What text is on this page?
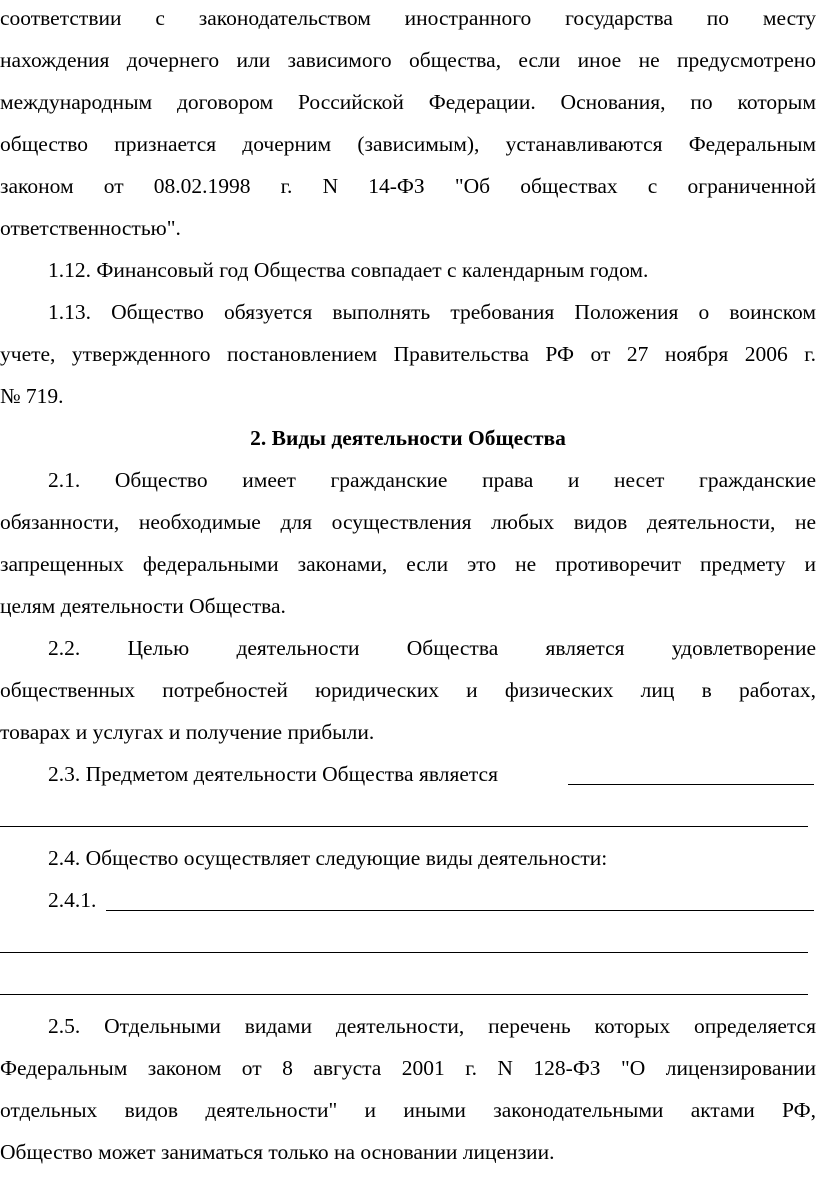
соответствии с законодательством иностранного государства по месту
нахождения дочернего или зависимого общества, если иное не предусмотрено
международным договором Российской Федерации. Основания, по которым
общество признается дочерним (зависимым), устанавливаются Федеральным
законом от 08.02.1998 г. N 14-ФЗ "Об обществах с ограниченной
ответственностью".
1.12. Финансовый год Общества совпадает с календарным годом.
1.13. Общество обязуется выполнять требования Положения о воинском
учете, утвержденного постановлением Правительства РФ от 27 ноября 2006 г.
№ 719.
2. Виды деятельности Общества
2.1. Общество имеет гражданские права и несет гражданские
обязанности, необходимые для осуществления любых видов деятельности, не
запрещенных федеральными законами, если это не противоречит предмету и
целям деятельности Общества.
2.2. Целью деятельности Общества является удовлетворение
общественных потребностей юридических и физических лиц в работах,
товарах и услугах и получение прибыли.
2.3. Предметом деятельности Общества является
2.4. Общество осуществляет следующие виды деятельности:
2.4.1.
2.5. Отдельными видами деятельности, перечень которых определяется
Федеральным законом от 8 августа 2001 г. N 128-ФЗ "О лицензировании
отдельных видов деятельности" и иными законодательными актами РФ,
Общество может заниматься только на основании лицензии.
